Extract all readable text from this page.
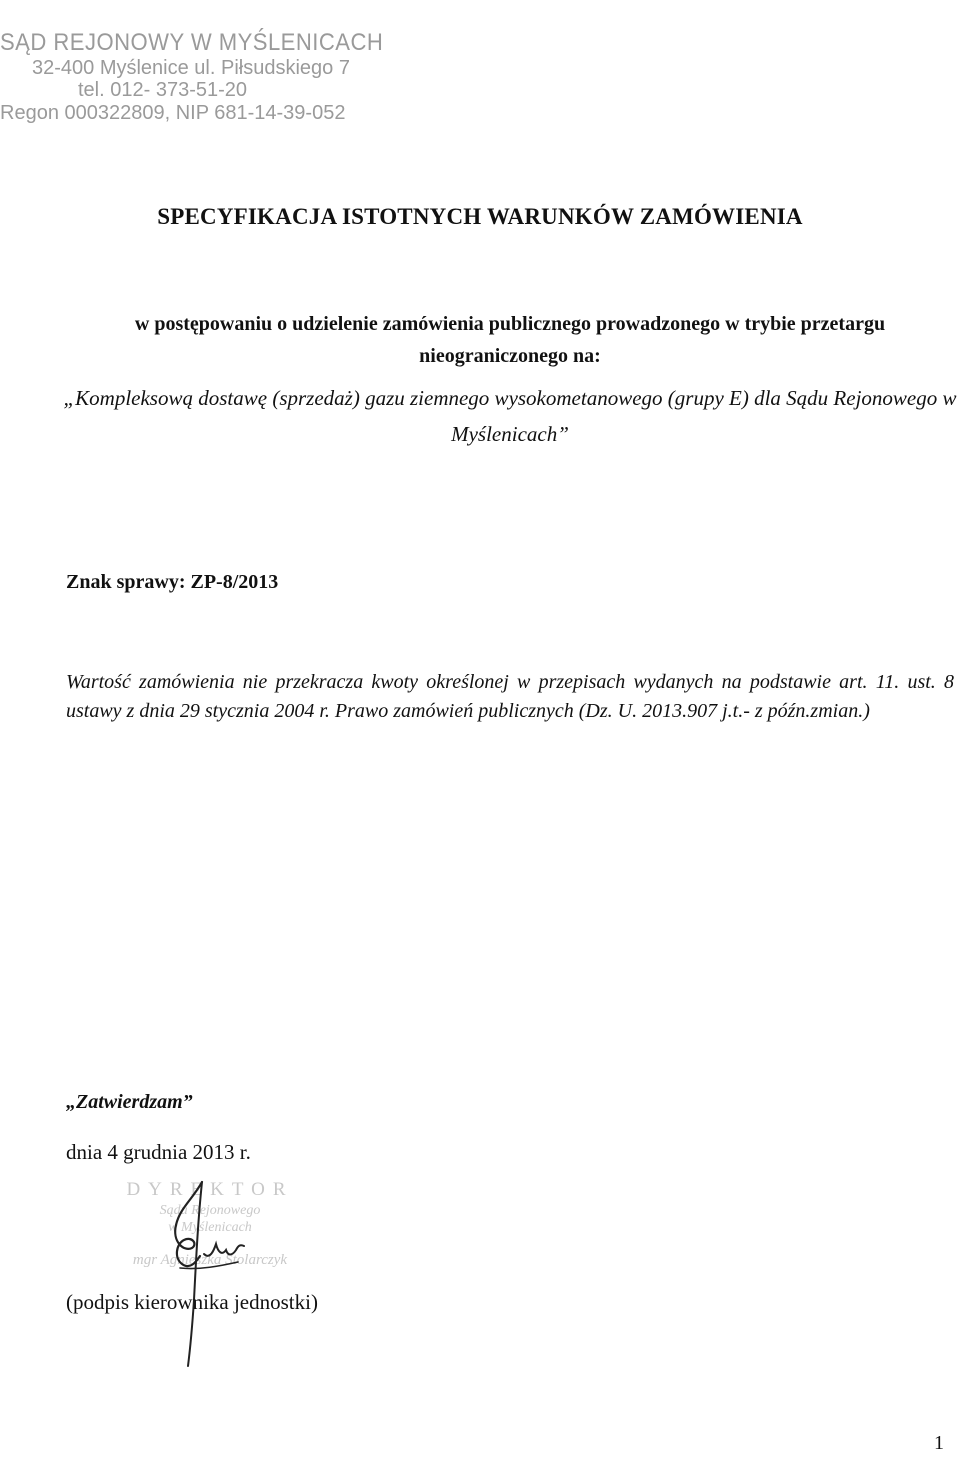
SĄD REJONOWY W MYŚLENICACH
32-400 Myślenice ul. Piłsudskiego 7
tel. 012- 373-51-20
Regon 000322809, NIP 681-14-39-052
SPECYFIKACJA ISTOTNYCH WARUNKÓW ZAMÓWIENIA
w postępowaniu o udzielenie zamówienia publicznego prowadzonego w trybie przetargu nieograniczonego na:
„Kompleksową dostawę (sprzedaż) gazu ziemnego wysokometanowego (grupy E) dla Sądu Rejonowego w Myślenicach”
Znak sprawy: ZP-8/2013
Wartość zamówienia nie przekracza kwoty określonej w przepisach wydanych na podstawie art. 11. ust. 8 ustawy z dnia 29 stycznia 2004 r. Prawo zamówień publicznych (Dz. U. 2013.907 j.t.- z późn.zmian.)
„Zatwierdzam”
dnia 4 grudnia 2013 r.
DYREKTOR
Sądu Rejonowego
w Myślenicach
mgr Agnieszka Stolarczyk
(podpis kierownika jednostki)
1
